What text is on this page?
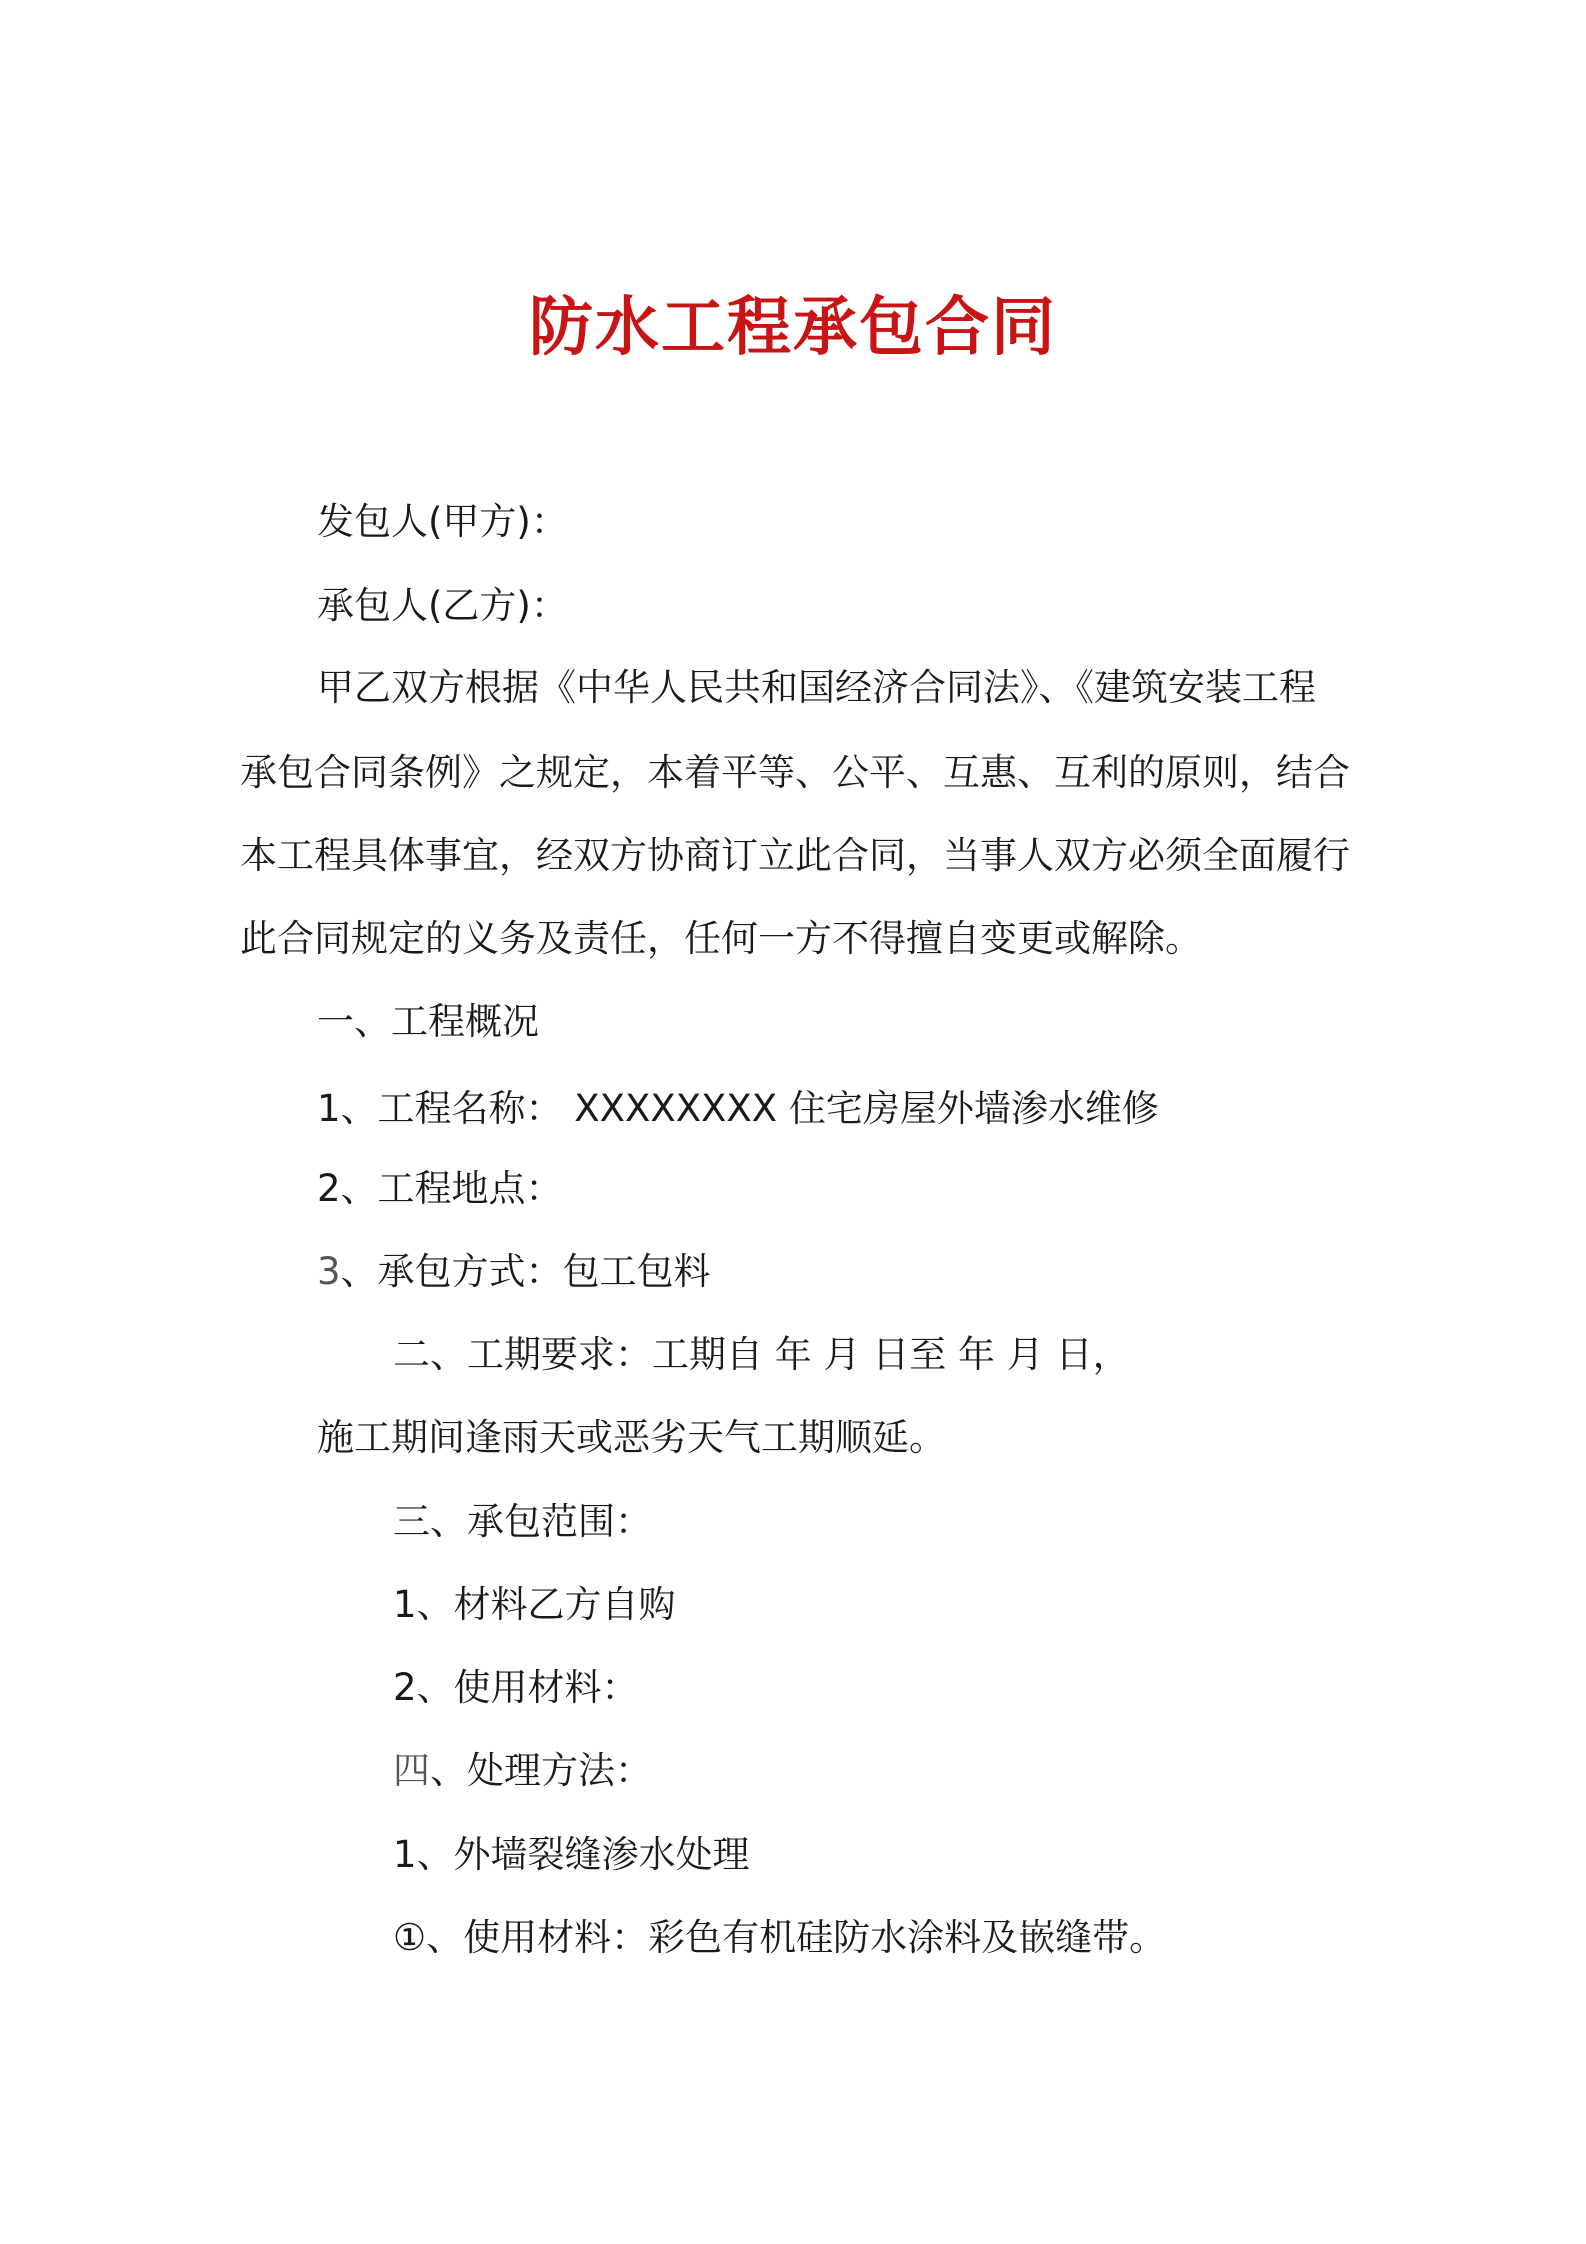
防水工程承包合同
发包人(甲方)：
承包人(乙方)：
甲乙双方根据《中华人民共和国经济合同法》、《建筑安装工程
承包合同条例》之规定，本着平等、公平、互惠、互利的原则，结合
本工程具体事宜，经双方协商订立此合同，当事人双方必须全面履行
此合同规定的义务及责任，任何一方不得擅自变更或解除。
一、工程概况
1、工程名称： XXXXXXXX 住宅房屋外墙渗水维修
2、工程地点：
3、承包方式：包工包料
二、工期要求：工期自 年 月 日至 年 月 日，
施工期间逢雨天或恶劣天气工期顺延。
三、承包范围：
1、材料乙方自购
2、使用材料：
四、处理方法：
1、外墙裂缝渗水处理
①、使用材料：彩色有机硅防水涂料及嵌缝带。
